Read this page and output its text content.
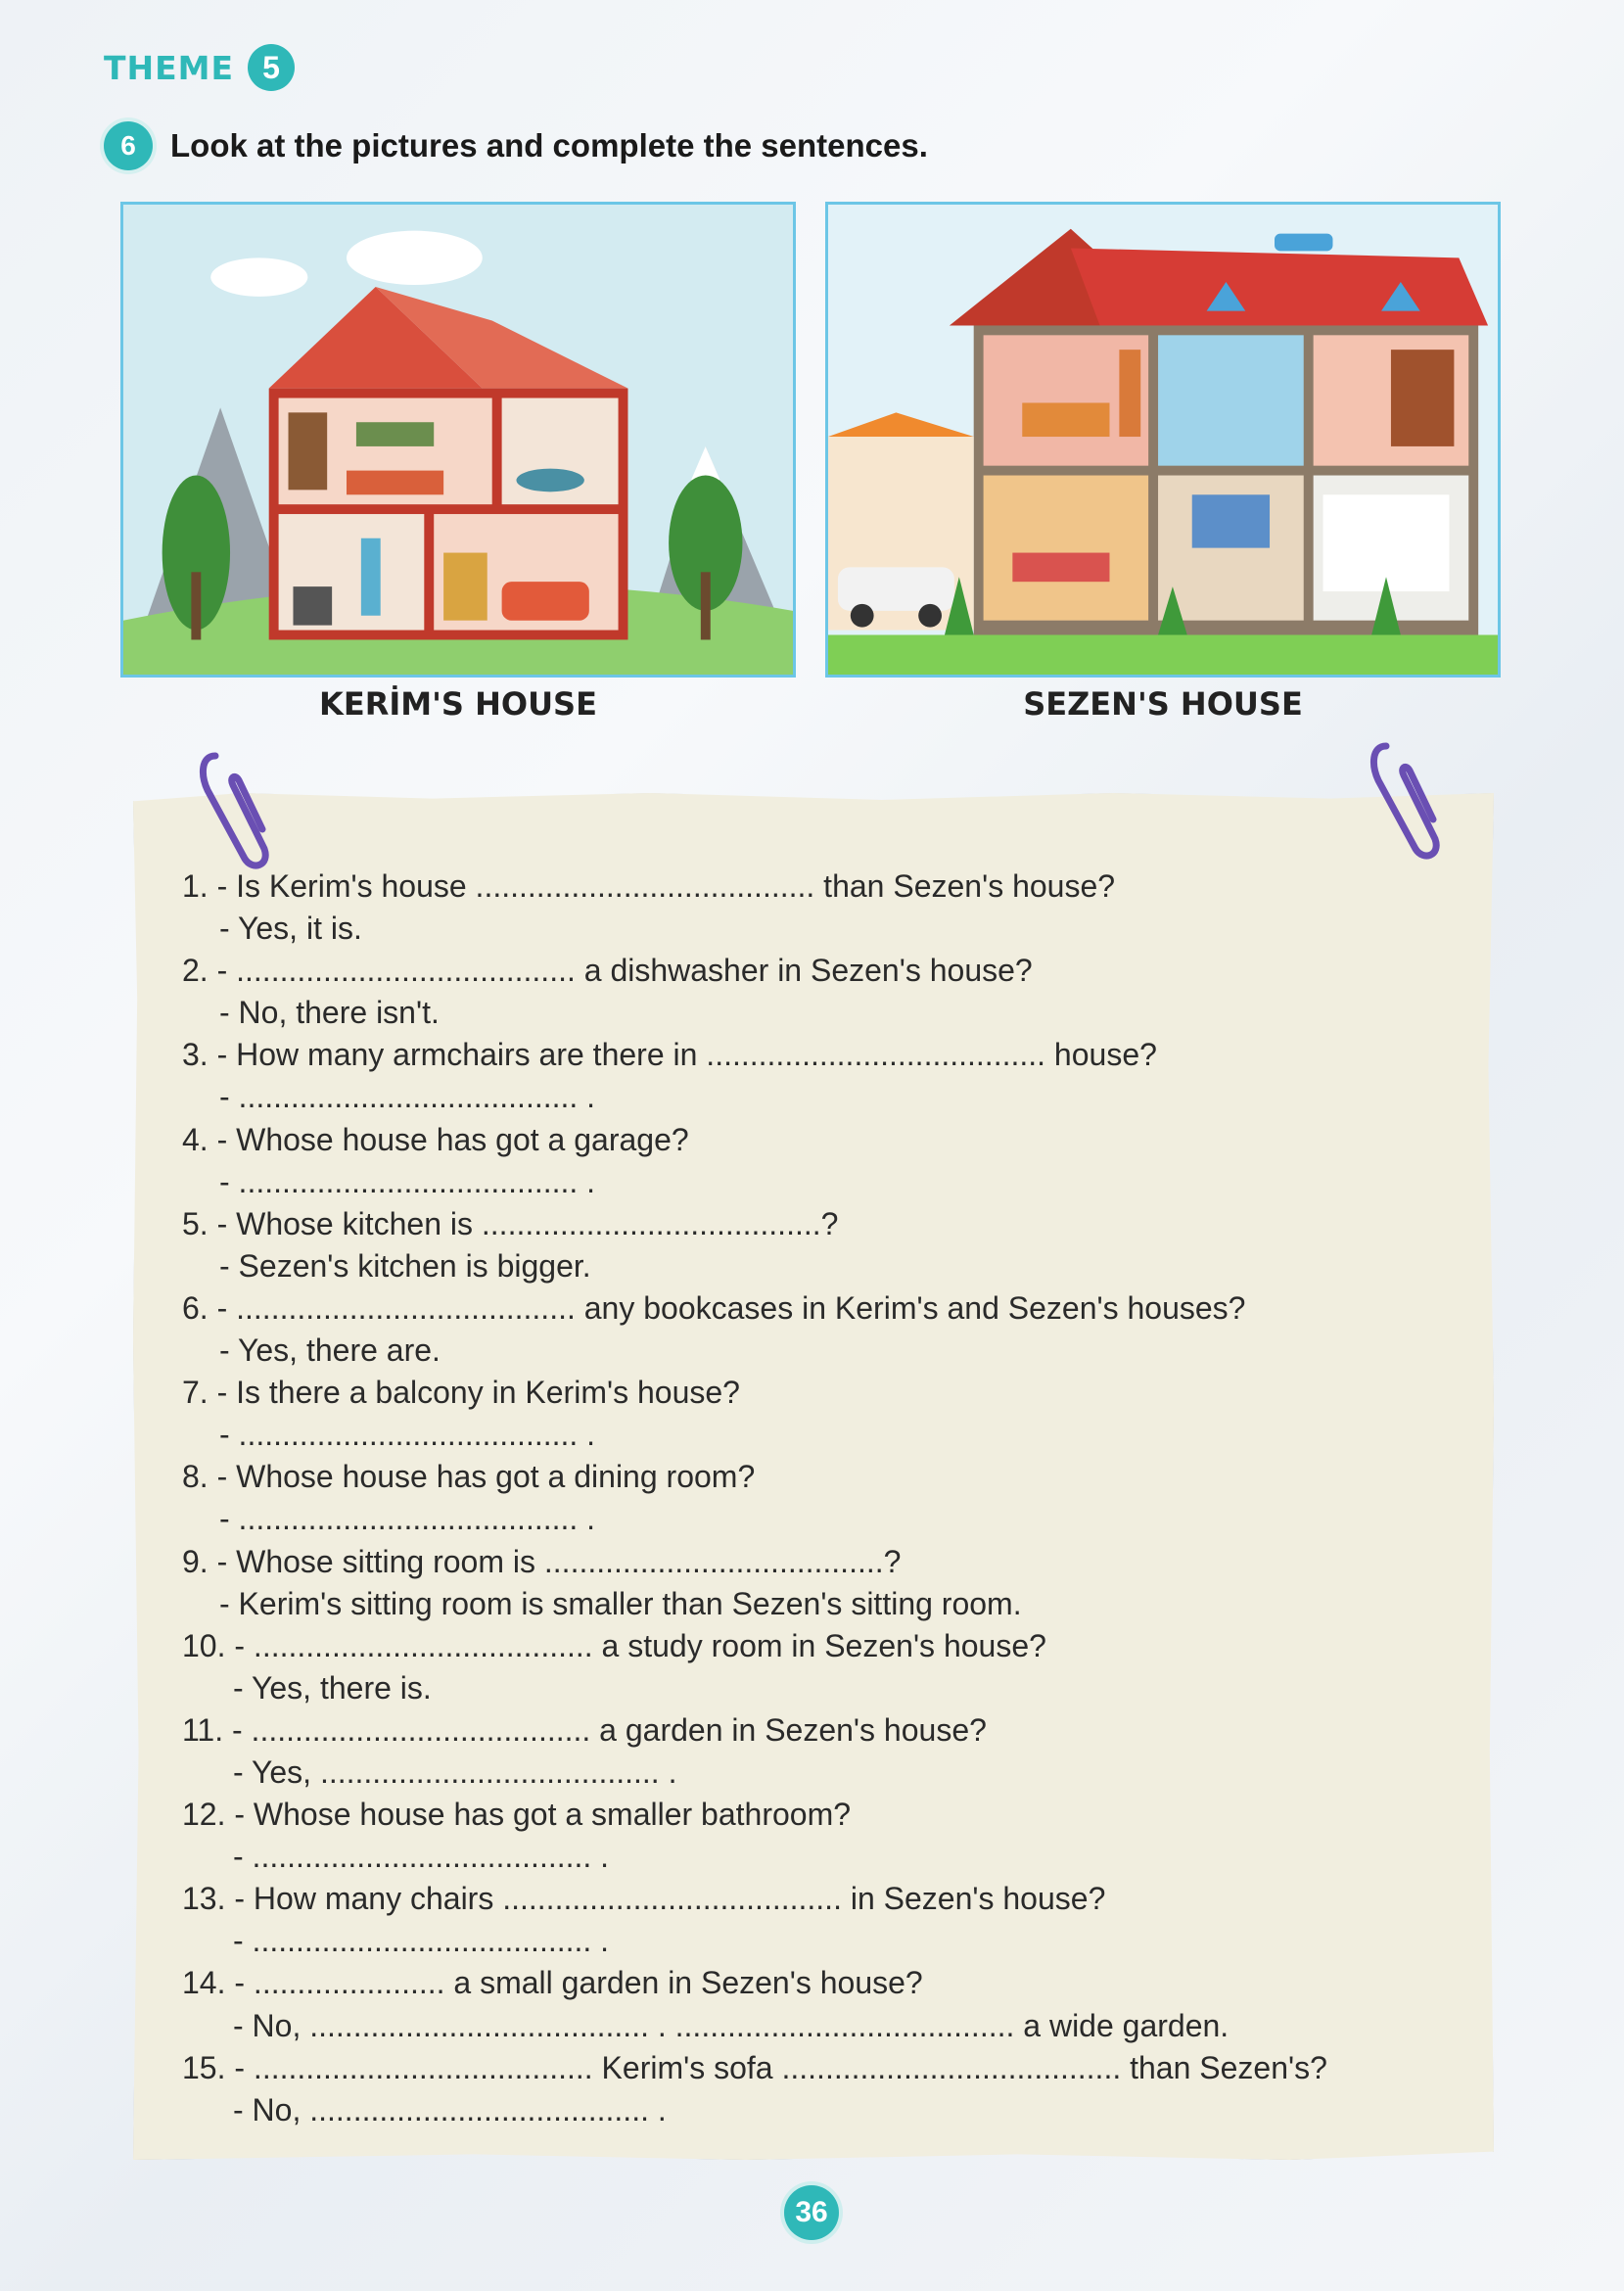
THEME 5
6	Look at the pictures and complete the sentences.
KERİM'S HOUSE	SEZEN'S HOUSE
1. - Is Kerim's house ....................................... than Sezen's house?
- Yes, it is.
2. - ....................................... a dishwasher in Sezen's house?
- No, there isn't.
3. - How many armchairs are there in ....................................... house?
- ....................................... .
4. - Whose house has got a garage?
- ....................................... .
5. - Whose kitchen is .......................................?
- Sezen's kitchen is bigger.
6. - ....................................... any bookcases in Kerim's and Sezen's houses?
- Yes, there are.
7. - Is there a balcony in Kerim's house?
- ....................................... .
8. - Whose house has got a dining room?
- ....................................... .
9. - Whose sitting room is .......................................?
- Kerim's sitting room is smaller than Sezen's sitting room.
10. - ....................................... a study room in Sezen's house?
- Yes, there is.
11. - ....................................... a garden in Sezen's house?
- Yes, ....................................... .
12. - Whose house has got a smaller bathroom?
- ....................................... .
13. - How many chairs ....................................... in Sezen's house?
- ....................................... .
14. - ...................... a small garden in Sezen's house?
- No, ....................................... . ....................................... a wide garden.
15. - ....................................... Kerim's sofa ....................................... than Sezen's?
- No, ....................................... .
36
